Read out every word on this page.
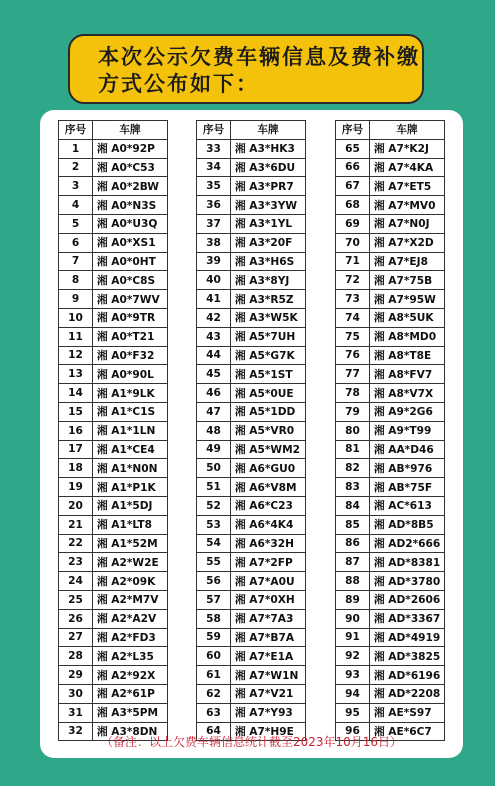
本次公示欠费车辆信息及费补缴
方式公布如下：
序号	车牌
1	湘 A0*92P
2	湘 A0*C53
3	湘 A0*2BW
4	湘 A0*N3S
5	湘 A0*U3Q
6	湘 A0*XS1
7	湘 A0*0HT
8	湘 A0*C8S
9	湘 A0*7WV
10	湘 A0*9TR
11	湘 A0*T21
12	湘 A0*F32
13	湘 A0*90L
14	湘 A1*9LK
15	湘 A1*C1S
16	湘 A1*1LN
17	湘 A1*CE4
18	湘 A1*N0N
19	湘 A1*P1K
20	湘 A1*5DJ
21	湘 A1*LT8
22	湘 A1*52M
23	湘 A2*W2E
24	湘 A2*09K
25	湘 A2*M7V
26	湘 A2*A2V
27	湘 A2*FD3
28	湘 A2*L35
29	湘 A2*92X
30	湘 A2*61P
31	湘 A3*5PM
32	湘 A3*8DN
序号	车牌
33	湘 A3*HK3
34	湘 A3*6DU
35	湘 A3*PR7
36	湘 A3*3YW
37	湘 A3*1YL
38	湘 A3*20F
39	湘 A3*H6S
40	湘 A3*8YJ
41	湘 A3*R5Z
42	湘 A3*W5K
43	湘 A5*7UH
44	湘 A5*G7K
45	湘 A5*1ST
46	湘 A5*0UE
47	湘 A5*1DD
48	湘 A5*VR0
49	湘 A5*WM2
50	湘 A6*GU0
51	湘 A6*V8M
52	湘 A6*C23
53	湘 A6*4K4
54	湘 A6*32H
55	湘 A7*2FP
56	湘 A7*A0U
57	湘 A7*0XH
58	湘 A7*7A3
59	湘 A7*B7A
60	湘 A7*E1A
61	湘 A7*W1N
62	湘 A7*V21
63	湘 A7*Y93
64	湘 A7*H9E
序号	车牌
65	湘 A7*K2J
66	湘 A7*4KA
67	湘 A7*ET5
68	湘 A7*MV0
69	湘 A7*N0J
70	湘 A7*X2D
71	湘 A7*EJ8
72	湘 A7*75B
73	湘 A7*95W
74	湘 A8*5UK
75	湘 A8*MD0
76	湘 A8*T8E
77	湘 A8*FV7
78	湘 A8*V7X
79	湘 A9*2G6
80	湘 A9*T99
81	湘 AA*D46
82	湘 AB*976
83	湘 AB*75F
84	湘 AC*613
85	湘 AD*8B5
86	湘 AD2*666
87	湘 AD*8381
88	湘 AD*3780
89	湘 AD*2606
90	湘 AD*3367
91	湘 AD*4919
92	湘 AD*3825
93	湘 AD*6196
94	湘 AD*2208
95	湘 AE*S97
96	湘 AE*6C7
（备注：以上欠费车辆信息统计截至2023年10月16日）
